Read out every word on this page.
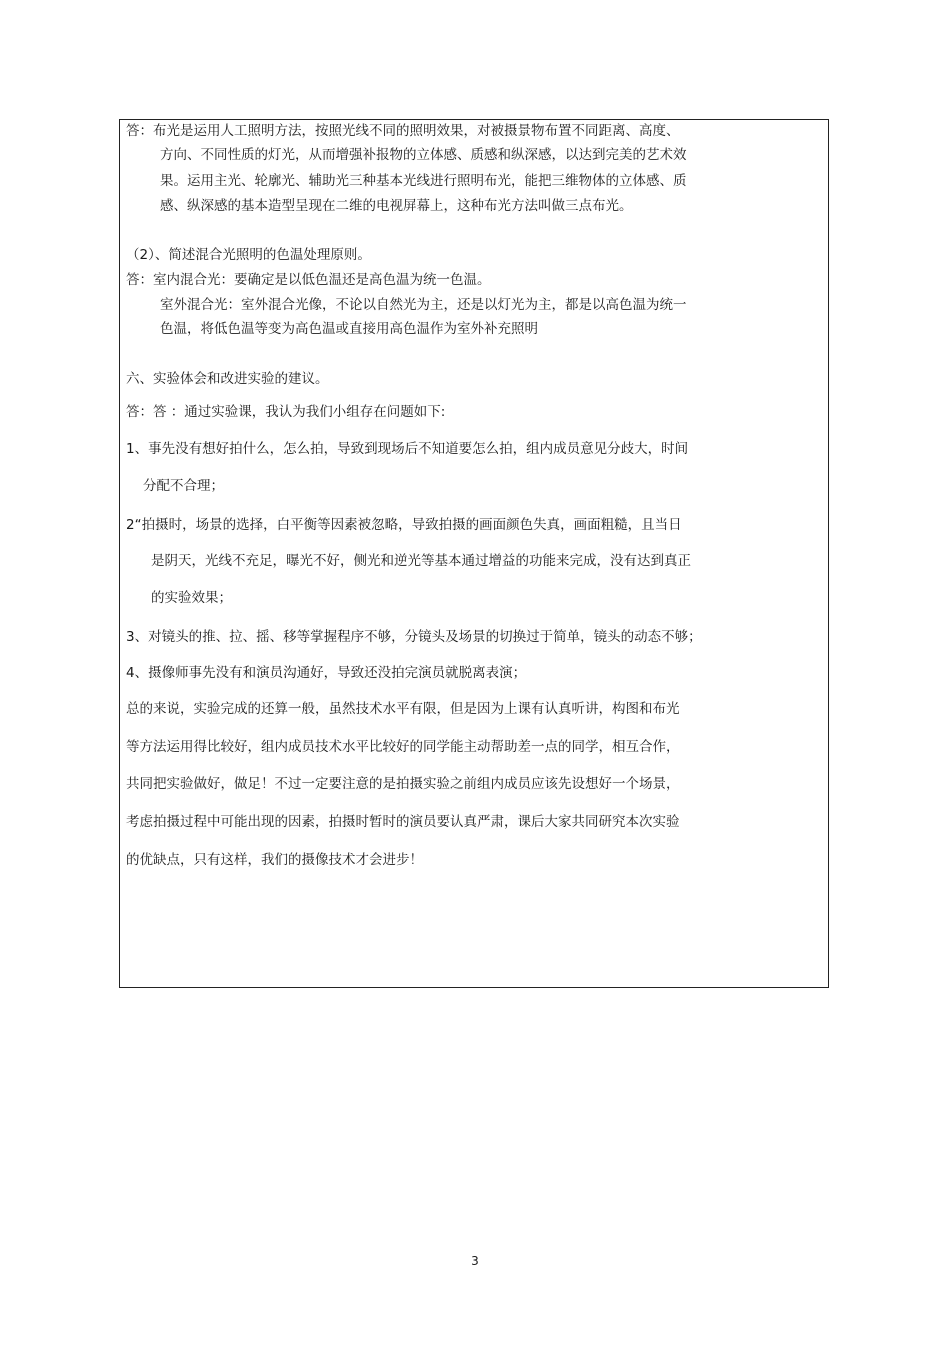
答：布光是运用人工照明方法，按照光线不同的照明效果，对被摄景物布置不同距离、高度、
方向、不同性质的灯光，从而增强补报物的立体感、质感和纵深感，以达到完美的艺术效
果。运用主光、轮廓光、辅助光三种基本光线进行照明布光，能把三维物体的立体感、质
感、纵深感的基本造型呈现在二维的电视屏幕上，这种布光方法叫做三点布光。
（2）、简述混合光照明的色温处理原则。
答：室内混合光：要确定是以低色温还是高色温为统一色温。
室外混合光：室外混合光像，不论以自然光为主，还是以灯光为主，都是以高色温为统一
色温，将低色温等变为高色温或直接用高色温作为室外补充照明
六、实验体会和改进实验的建议。
答：答 ：通过实验课，我认为我们小组存在问题如下:
1、事先没有想好拍什么，怎么拍，导致到现场后不知道要怎么拍，组内成员意见分歧大，时间
分配不合理；
2“拍摄时，场景的选择，白平衡等因素被忽略，导致拍摄的画面颜色失真，画面粗糙，且当日
是阴天，光线不充足，曝光不好，侧光和逆光等基本通过增益的功能来完成，没有达到真正
的实验效果；
3、对镜头的推、拉、摇、移等掌握程序不够，分镜头及场景的切换过于简单，镜头的动态不够；
4、摄像师事先没有和演员沟通好，导致还没拍完演员就脱离表演；
总的来说，实验完成的还算一般，虽然技术水平有限，但是因为上课有认真听讲，构图和布光
等方法运用得比较好，组内成员技术水平比较好的同学能主动帮助差一点的同学，相互合作，
共同把实验做好，做足！不过一定要注意的是拍摄实验之前组内成员应该先设想好一个场景，
考虑拍摄过程中可能出现的因素，拍摄时暂时的演员要认真严肃，课后大家共同研究本次实验
的优缺点，只有这样，我们的摄像技术才会进步！
3
